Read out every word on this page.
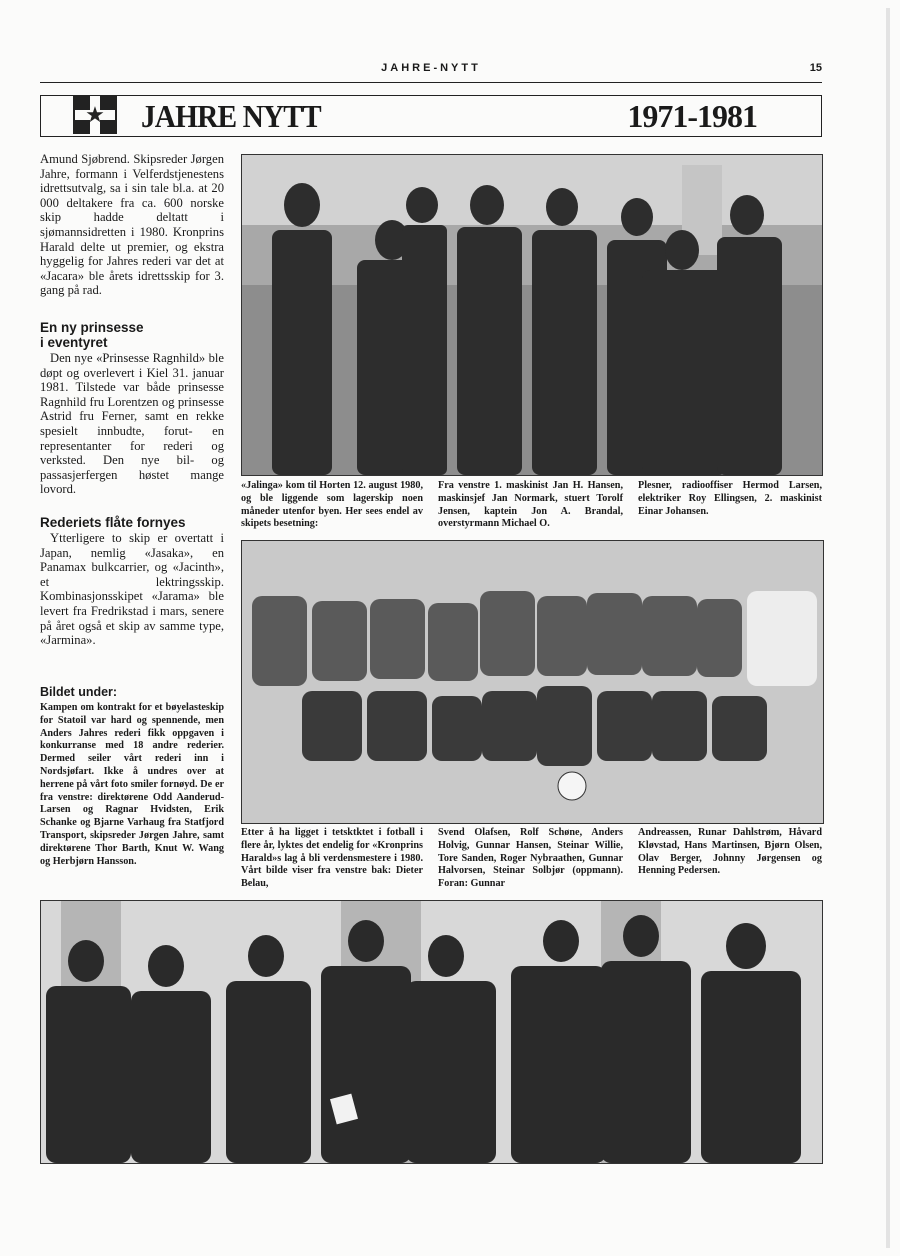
JAHRE-NYTT	15
★	JAHRE NYTT	1971-1981
Amund Sjøbrend. Skipsreder Jørgen Jahre, formann i Velferdstjenestens idrettsutvalg, sa i sin tale bl.a. at 20 000 deltakere fra ca. 600 norske skip hadde deltatt i sjømannsidretten i 1980. Kronprins Harald delte ut premier, og ekstra hyggelig for Jahres rederi var det at «Jacara» ble årets idrettsskip for 3. gang på rad.
En ny prinsesse
i eventyret
Den nye «Prinsesse Ragnhild» ble døpt og overlevert i Kiel 31. januar 1981. Tilstede var både prinsesse Ragnhild fru Lorentzen og prinsesse Astrid fru Ferner, samt en rekke spesielt innbudte, forut- en representanter for rederi og verksted. Den nye bil- og passasjerfergen høstet mange lovord.
Rederiets flåte fornyes
Ytterligere to skip er overtatt i Japan, nemlig «Jasaka», en Panamax bulkcarrier, og «Jacinth», et lektringsskip. Kombinasjonsskipet «Jarama» ble levert fra Fredrikstad i mars, senere på året også et skip av samme type, «Jarmina».
Bildet under:
Kampen om kontrakt for et bøyelasteskip for Statoil var hard og spennende, men Anders Jahres rederi fikk oppgaven i konkurranse med 18 andre rederier. Dermed seiler vårt rederi inn i Nordsjøfart. Ikke å undres over at herrene på vårt foto smiler fornøyd. De er fra venstre: direktørene Odd Aanderud-Larsen og Ragnar Hvidsten, Erik Schanke og Bjarne Varhaug fra Statfjord Transport, skipsreder Jørgen Jahre, samt direktørene Thor Barth, Knut W. Wang og Herbjørn Hansson.
«Jalinga» kom til Horten 12. august 1980, og ble liggende som lagerskip noen måneder utenfor byen. Her sees endel av skipets besetning:
Fra venstre 1. maskinist Jan H. Hansen, maskinsjef Jan Normark, stuert Torolf Jensen, kaptein Jon A. Brandal, overstyrmann Michael O.
Plesner, radiooffiser Hermod Larsen, elektriker Roy Ellingsen, 2. maskinist Einar Johansen.
Etter å ha ligget i tetsktktet i fotball i flere år, lyktes det endelig for «Kronprins Harald»s lag å bli verdensmestere i 1980. Vårt bilde viser fra venstre bak: Dieter Belau,
Svend Olafsen, Rolf Schøne, Anders Holvig, Gunnar Hansen, Steinar Willie, Tore Sanden, Roger Nybraathen, Gunnar Halvorsen, Steinar Solbjør (oppmann). Foran: Gunnar
Andreassen, Runar Dahlstrøm, Håvard Kløvstad, Hans Martinsen, Bjørn Olsen, Olav Berger, Johnny Jørgensen og Henning Pedersen.
